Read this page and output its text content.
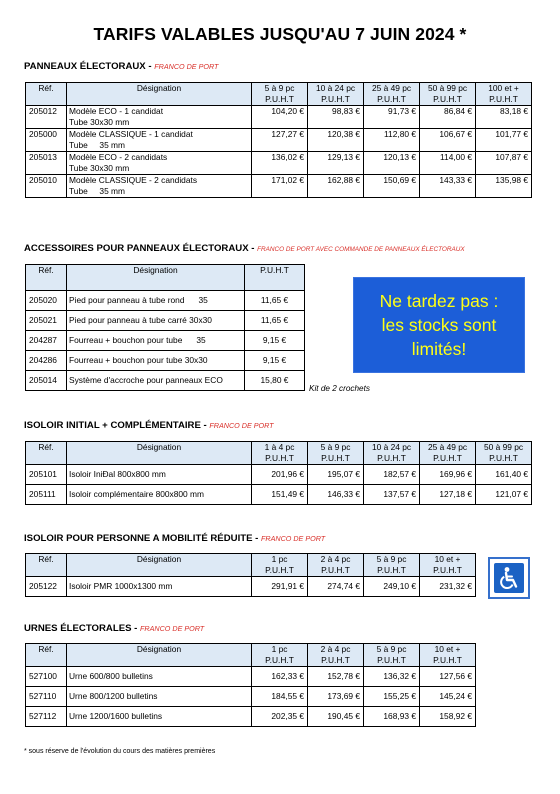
TARIFS VALABLES JUSQU'AU 7 JUIN 2024 *
PANNEAUX ÉLECTORAUX - FRANCO DE PORT
Réf.	Désignation	5 à 9 pc	10 à 24 pc	25 à 49 pc	50 à 99 pc	100 et +
		P.U.H.T	P.U.H.T	P.U.H.T	P.U.H.T	P.U.H.T
205012	Modèle ECO - 1 candidat	104,20 €	98,83 €	91,73 €	86,84 €	83,18 €
	Tube 30x30 mm					
205000	Modèle CLASSIQUE - 1 candidat	127,27 €	120,38 €	112,80 €	106,67 €	101,77 €
	Tube     35 mm					
205013	Modèle ECO - 2 candidats	136,02 €	129,13 €	120,13 €	114,00 €	107,87 €
	Tube 30x30 mm					
205010	Modèle CLASSIQUE - 2 candidats	171,02 €	162,88 €	150,69 €	143,33 €	135,98 €
	Tube     35 mm					
ACCESSOIRES POUR PANNEAUX ÉLECTORAUX - FRANCO DE PORT AVEC COMMANDE DE PANNEAUX ÉLECTORAUX
Réf.	Désignation	P.U.H.T
205020	Pied pour panneau à tube rond      35	11,65 €
205021	Pied pour panneau à tube carré 30x30	11,65 €
204287	Fourreau + bouchon pour tube      35	9,15 €
204286	Fourreau + bouchon pour tube 30x30	9,15 €
205014	Système d'accroche pour panneaux ECO	15,80 €
Kit de 2 crochets
Ne tardez pas :
les stocks sont
limités!
ISOLOIR INITIAL + COMPLÉMENTAIRE - FRANCO DE PORT
Réf.	Désignation	1 à 4 pc	5 à 9 pc	10 à 24 pc	25 à 49 pc	50 à 99 pc
		P.U.H.T	P.U.H.T	P.U.H.T	P.U.H.T	P.U.H.T
205101	Isoloir IniÐal 800x800 mm	201,96 €	195,07 €	182,57 €	169,96 €	161,40 €
205111	Isoloir complémentaire 800x800 mm	151,49 €	146,33 €	137,57 €	127,18 €	121,07 €
ISOLOIR POUR PERSONNE A MOBILITÉ RÉDUITE - FRANCO DE PORT
Réf.	Désignation	1 pc	2 à 4 pc	5 à 9 pc	10 et +
		P.U.H.T	P.U.H.T	P.U.H.T	P.U.H.T
205122	Isoloir PMR 1000x1300 mm	291,91 €	274,74 €	249,10 €	231,32 €
URNES ÉLECTORALES - FRANCO DE PORT
Réf.	Désignation	1 pc	2 à 4 pc	5 à 9 pc	10 et +
		P.U.H.T	P.U.H.T	P.U.H.T	P.U.H.T
527100	Urne 600/800 bulletins	162,33 €	152,78 €	136,32 €	127,56 €
527110	Urne 800/1200 bulletins	184,55 €	173,69 €	155,25 €	145,24 €
527112	Urne 1200/1600 bulletins	202,35 €	190,45 €	168,93 €	158,92 €
* sous réserve de l'évolution du cours des matières premières
